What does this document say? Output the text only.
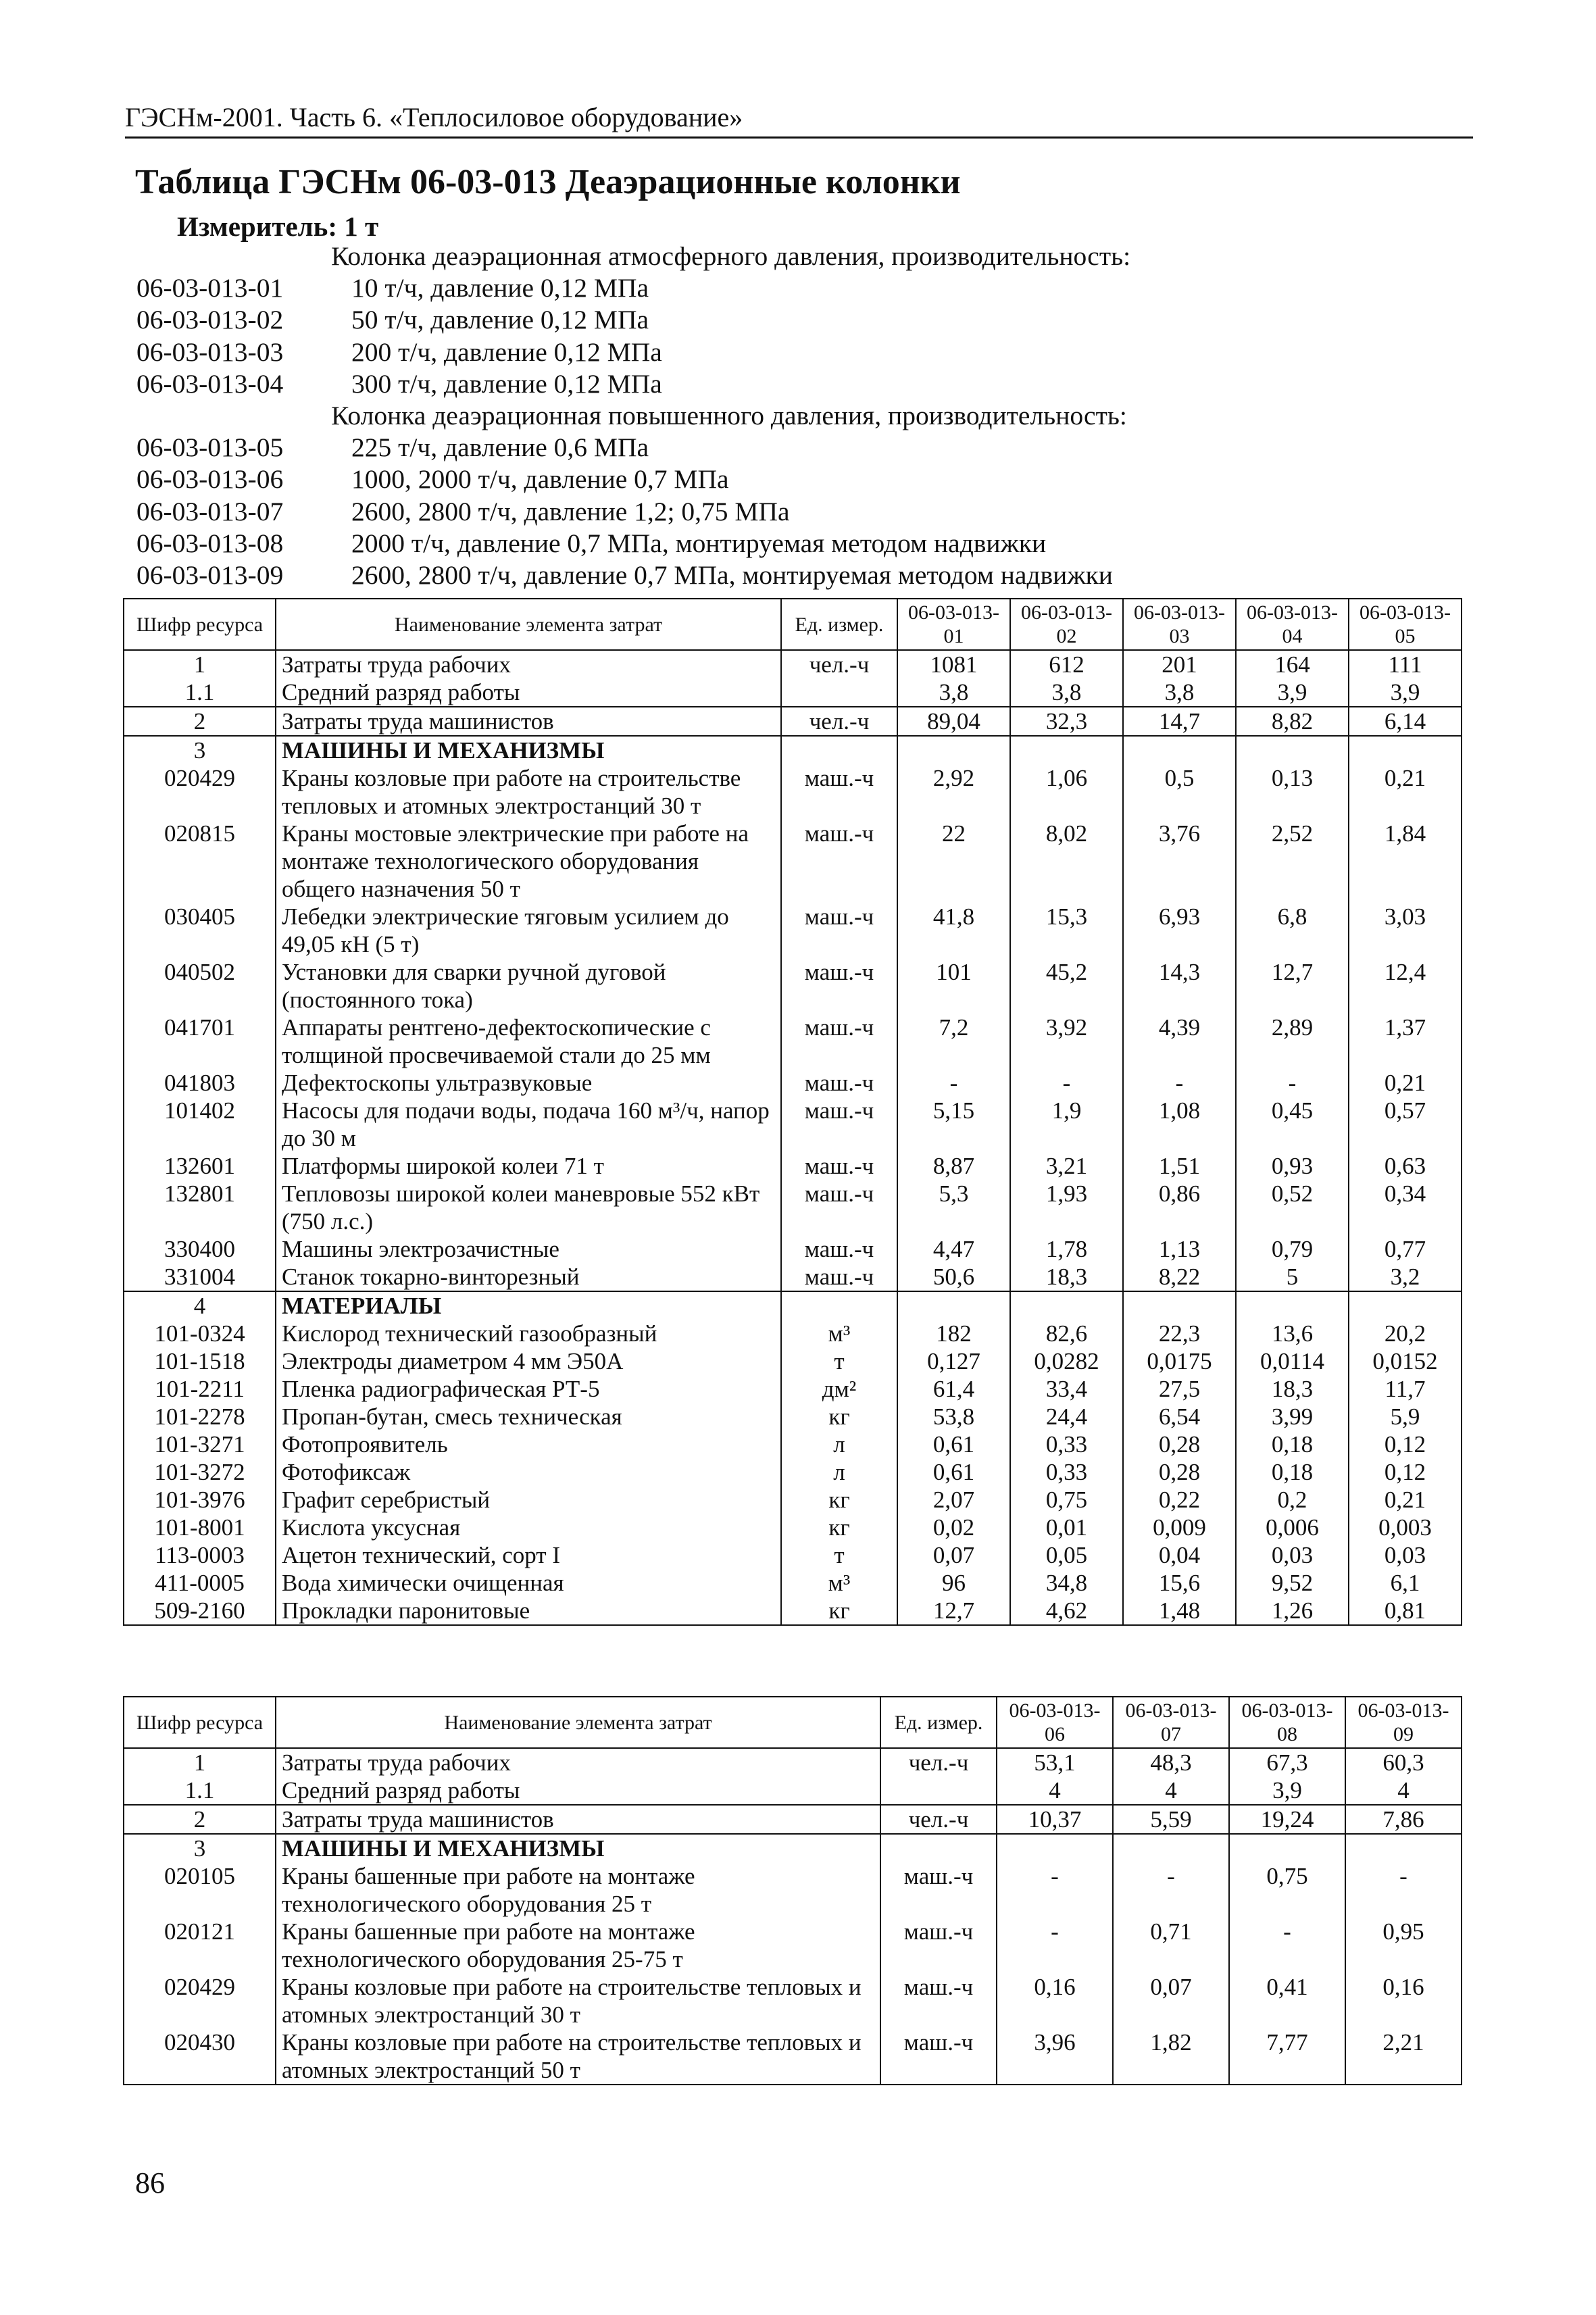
ГЭСНм-2001. Часть 6. «Теплосиловое оборудование»
Таблица ГЭСНм 06-03-013 Деаэрационные колонки
Измеритель: 1 т
Колонка деаэрационная атмосферного давления, производительность:
06-03-013-01	10 т/ч, давление 0,12 МПа
06-03-013-02	50 т/ч, давление 0,12 МПа
06-03-013-03	200 т/ч, давление 0,12 МПа
06-03-013-04	300 т/ч, давление 0,12 МПа
Колонка деаэрационная повышенного давления, производительность:
06-03-013-05	225 т/ч, давление 0,6 МПа
06-03-013-06	1000, 2000 т/ч, давление 0,7 МПа
06-03-013-07	2600, 2800 т/ч, давление 1,2; 0,75 МПа
06-03-013-08	2000 т/ч, давление 0,7 МПа, монтируемая методом надвижки
06-03-013-09	2600, 2800 т/ч, давление 0,7 МПа, монтируемая методом надвижки
Шифр ресурса	Наименование элемента затрат	Ед. измер.	06-03-013-01	06-03-013-02	06-03-013-03	06-03-013-04	06-03-013-05
1	Затраты труда рабочих	чел.-ч	1081	612	201	164	111
1.1	Средний разряд работы		3,8	3,8	3,8	3,9	3,9
2	Затраты труда машинистов	чел.-ч	89,04	32,3	14,7	8,82	6,14
3	МАШИНЫ И МЕХАНИЗМЫ						
020429	Краны козловые при работе на строительстве тепловых и атомных электростанций 30 т	маш.-ч	2,92	1,06	0,5	0,13	0,21
020815	Краны мостовые электрические при работе на монтаже технологического оборудования общего назначения 50 т	маш.-ч	22	8,02	3,76	2,52	1,84
030405	Лебедки электрические тяговым усилием до 49,05 кН (5 т)	маш.-ч	41,8	15,3	6,93	6,8	3,03
040502	Установки для сварки ручной дуговой (постоянного тока)	маш.-ч	101	45,2	14,3	12,7	12,4
041701	Аппараты рентгено-дефектоскопические с толщиной просвечиваемой стали до 25 мм	маш.-ч	7,2	3,92	4,39	2,89	1,37
041803	Дефектоскопы ультразвуковые	маш.-ч	-	-	-	-	0,21
101402	Насосы для подачи воды, подача 160 м³/ч, напор до 30 м	маш.-ч	5,15	1,9	1,08	0,45	0,57
132601	Платформы широкой колеи 71 т	маш.-ч	8,87	3,21	1,51	0,93	0,63
132801	Тепловозы широкой колеи маневровые 552 кВт (750 л.с.)	маш.-ч	5,3	1,93	0,86	0,52	0,34
330400	Машины электрозачистные	маш.-ч	4,47	1,78	1,13	0,79	0,77
331004	Станок токарно-винторезный	маш.-ч	50,6	18,3	8,22	5	3,2
4	МАТЕРИАЛЫ						
101-0324	Кислород технический газообразный	м³	182	82,6	22,3	13,6	20,2
101-1518	Электроды диаметром 4 мм Э50А	т	0,127	0,0282	0,0175	0,0114	0,0152
101-2211	Пленка радиографическая РТ-5	дм²	61,4	33,4	27,5	18,3	11,7
101-2278	Пропан-бутан, смесь техническая	кг	53,8	24,4	6,54	3,99	5,9
101-3271	Фотопроявитель	л	0,61	0,33	0,28	0,18	0,12
101-3272	Фотофиксаж	л	0,61	0,33	0,28	0,18	0,12
101-3976	Графит серебристый	кг	2,07	0,75	0,22	0,2	0,21
101-8001	Кислота уксусная	кг	0,02	0,01	0,009	0,006	0,003
113-0003	Ацетон технический, сорт I	т	0,07	0,05	0,04	0,03	0,03
411-0005	Вода химически очищенная	м³	96	34,8	15,6	9,52	6,1
509-2160	Прокладки паронитовые	кг	12,7	4,62	1,48	1,26	0,81
Шифр ресурса	Наименование элемента затрат	Ед. измер.	06-03-013-06	06-03-013-07	06-03-013-08	06-03-013-09
1	Затраты труда рабочих	чел.-ч	53,1	48,3	67,3	60,3
1.1	Средний разряд работы		4	4	3,9	4
2	Затраты труда машинистов	чел.-ч	10,37	5,59	19,24	7,86
3	МАШИНЫ И МЕХАНИЗМЫ					
020105	Краны башенные при работе на монтаже технологического оборудования 25 т	маш.-ч	-	-	0,75	-
020121	Краны башенные при работе на монтаже технологического оборудования 25-75 т	маш.-ч	-	0,71	-	0,95
020429	Краны козловые при работе на строительстве тепловых и атомных электростанций 30 т	маш.-ч	0,16	0,07	0,41	0,16
020430	Краны козловые при работе на строительстве тепловых и атомных электростанций 50 т	маш.-ч	3,96	1,82	7,77	2,21
86
